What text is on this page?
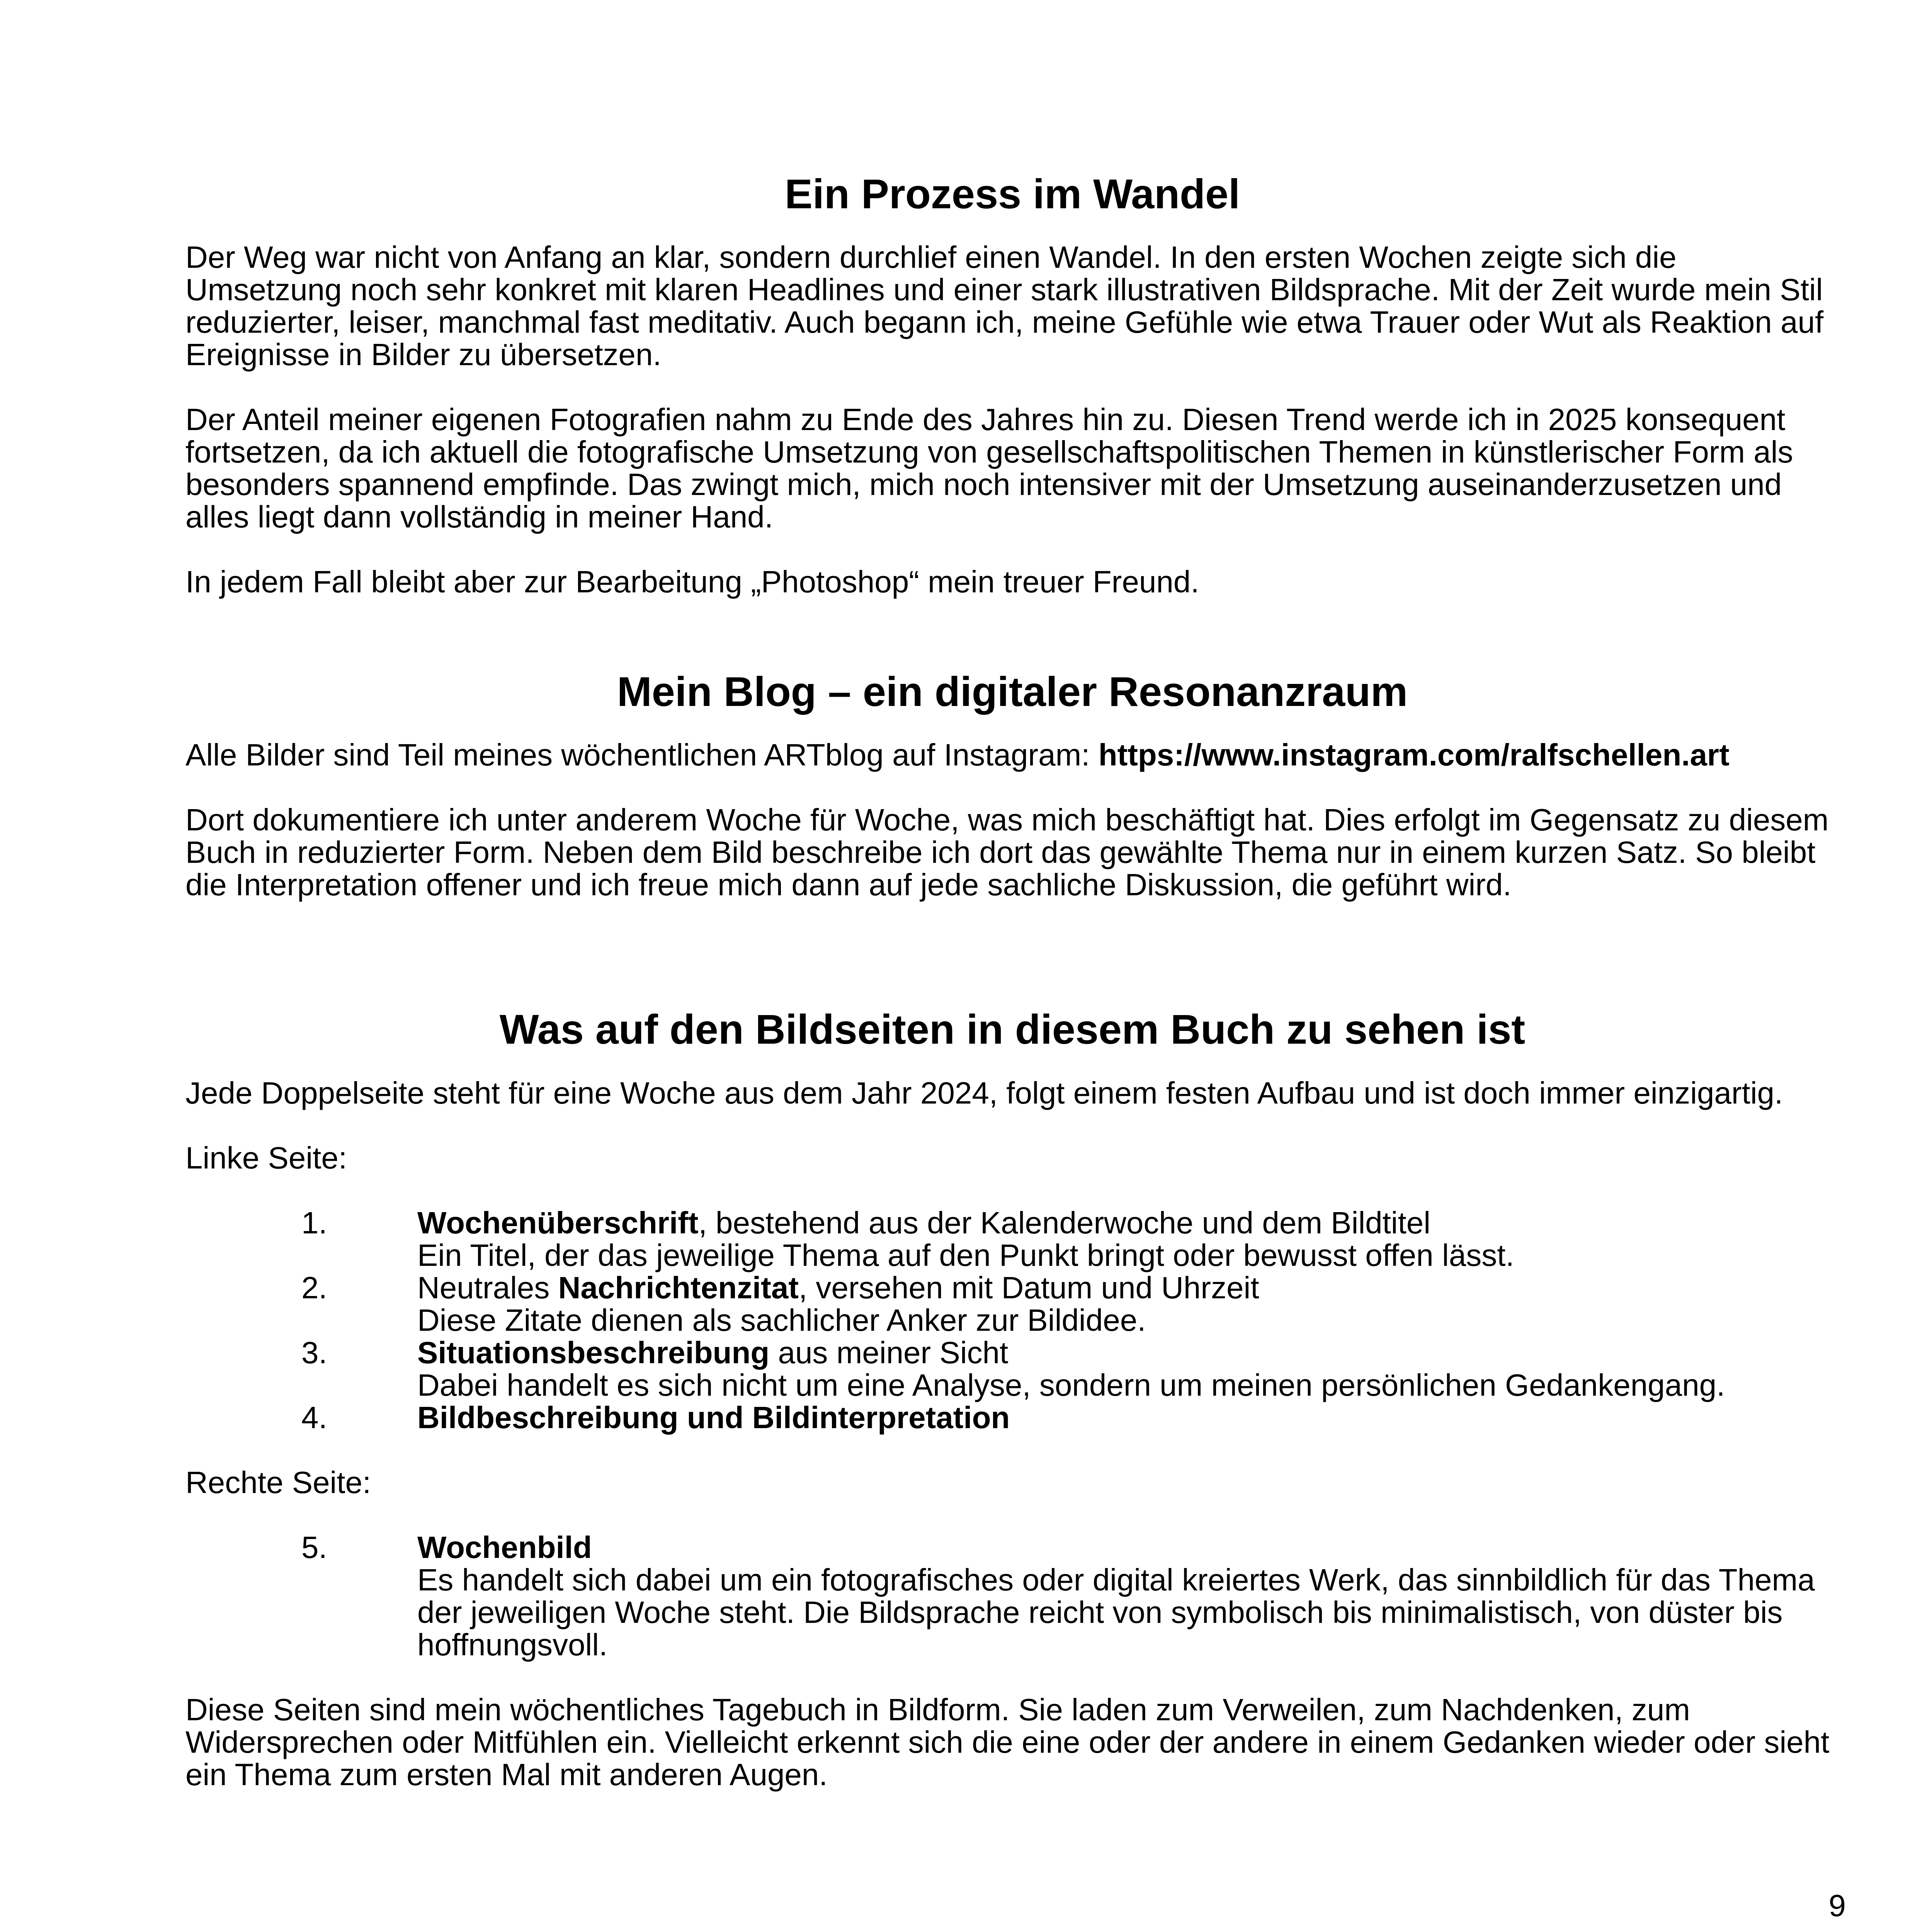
Ein Prozess im Wandel

Der Weg war nicht von Anfang an klar, sondern durchlief einen Wandel. In den ersten Wochen zeigte sich die Umsetzung noch sehr konkret mit klaren Headlines und einer stark illustrativen Bildsprache. Mit der Zeit wurde mein Stil reduzierter, leiser, manchmal fast meditativ. Auch begann ich, meine Gefühle wie etwa Trauer oder Wut als Reaktion auf Ereignisse in Bilder zu übersetzen.

Der Anteil meiner eigenen Fotografien nahm zu Ende des Jahres hin zu. Diesen Trend werde ich in 2025 konsequent fortsetzen, da ich aktuell die fotografische Umsetzung von gesellschaftspolitischen Themen in künstlerischer Form als besonders spannend empfinde. Das zwingt mich, mich noch intensiver mit der Umsetzung auseinanderzusetzen und alles liegt dann vollständig in meiner Hand.

In jedem Fall bleibt aber zur Bearbeitung „Photoshop“ mein treuer Freund.

Mein Blog – ein digitaler Resonanzraum

Alle Bilder sind Teil meines wöchentlichen ARTblog auf Instagram: https://www.instagram.com/ralfschellen.art

Dort dokumentiere ich unter anderem Woche für Woche, was mich beschäftigt hat. Dies erfolgt im Gegensatz zu diesem Buch in reduzierter Form. Neben dem Bild beschreibe ich dort das gewählte Thema nur in einem kurzen Satz. So bleibt die Interpretation offener und ich freue mich dann auf jede sachliche Diskussion, die geführt wird.

Was auf den Bildseiten in diesem Buch zu sehen ist

Jede Doppelseite steht für eine Woche aus dem Jahr 2024, folgt einem festen Aufbau und ist doch immer einzigartig.

Linke Seite:

1.	Wochenüberschrift, bestehend aus der Kalenderwoche und dem Bildtitel
Ein Titel, der das jeweilige Thema auf den Punkt bringt oder bewusst offen lässt.
2.	Neutrales Nachrichtenzitat, versehen mit Datum und Uhrzeit
Diese Zitate dienen als sachlicher Anker zur Bildidee.
3.	Situationsbeschreibung aus meiner Sicht
Dabei handelt es sich nicht um eine Analyse, sondern um meinen persönlichen Gedankengang.
4.	Bildbeschreibung und Bildinterpretation

Rechte Seite:

5.	Wochenbild
Es handelt sich dabei um ein fotografisches oder digital kreiertes Werk, das sinnbildlich für das Thema der jeweiligen Woche steht. Die Bildsprache reicht von symbolisch bis minimalistisch, von düster bis hoffnungsvoll.

Diese Seiten sind mein wöchentliches Tagebuch in Bildform. Sie laden zum Verweilen, zum Nachdenken, zum Widersprechen oder Mitfühlen ein. Vielleicht erkennt sich die eine oder der andere in einem Gedanken wieder oder sieht ein Thema zum ersten Mal mit anderen Augen.

9
